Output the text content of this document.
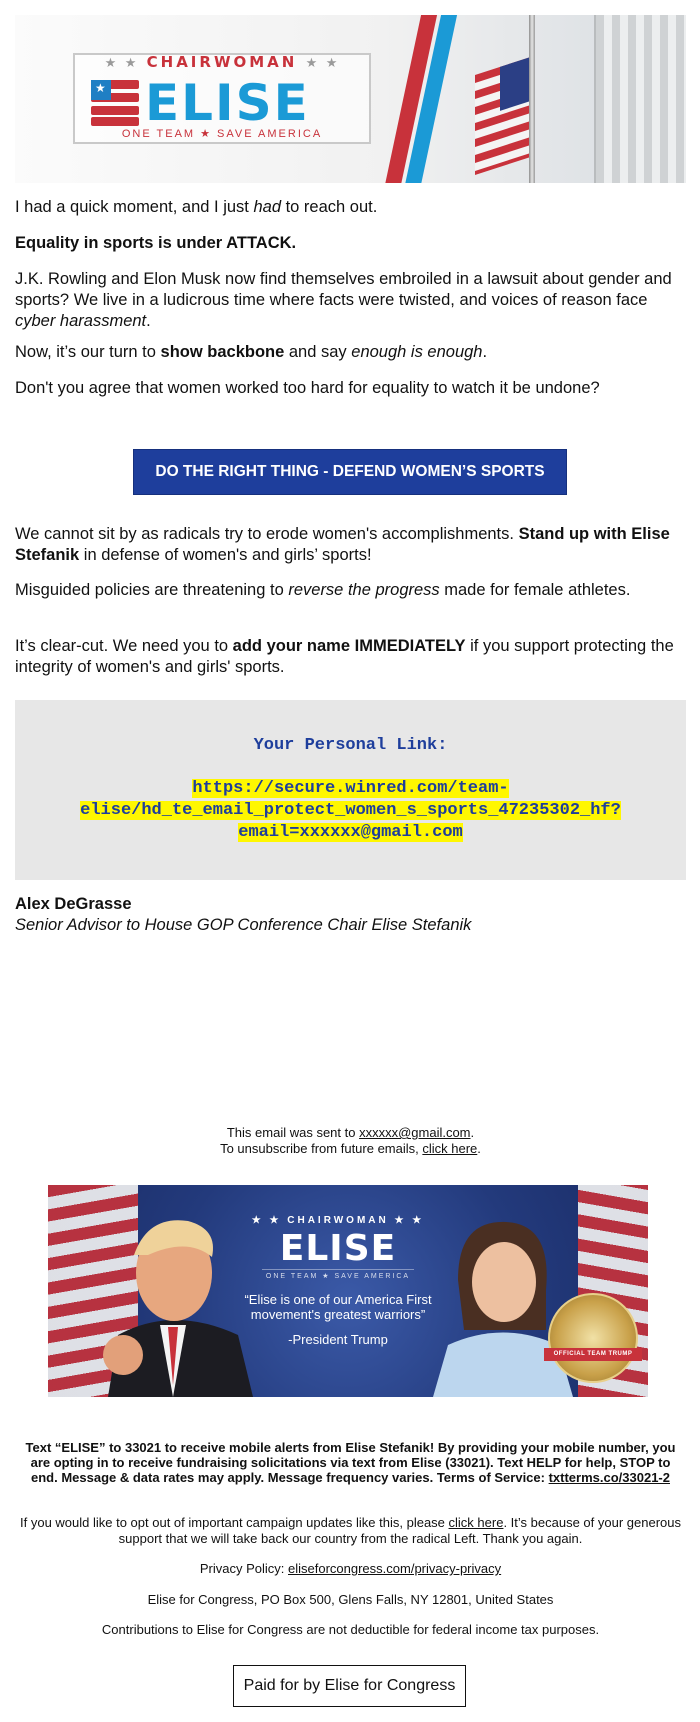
★ ★ CHAIRWOMAN ★ ★
★ ELISE
ONE TEAM ★ SAVE AMERICA

I had a quick moment, and I just had to reach out.

Equality in sports is under ATTACK.

J.K. Rowling and Elon Musk now find themselves embroiled in a lawsuit about gender and sports? We live in a ludicrous time where facts were twisted, and voices of reason face cyber harassment.

Now, it’s our turn to show backbone and say enough is enough.

Don't you agree that women worked too hard for equality to watch it be undone?

DO THE RIGHT THING - DEFEND WOMEN’S SPORTS

We cannot sit by as radicals try to erode women's accomplishments. Stand up with Elise Stefanik in defense of women's and girls’ sports!

Misguided policies are threatening to reverse the progress made for female athletes.

It’s clear-cut. We need you to add your name IMMEDIATELY if you support protecting the integrity of women's and girls' sports.

Your Personal Link:
https://secure.winred.com/team-
elise/hd_te_email_protect_women_s_sports_47235302_hf?
email=xxxxxx@gmail.com
Alex DeGrasse
Senior Advisor to House GOP Conference Chair Elise Stefanik
This email was sent to xxxxxx@gmail.com.
To unsubscribe from future emails, click here.
★ ★ CHAIRWOMAN ★ ★
ELISE
ONE TEAM ★ SAVE AMERICA
“Elise is one of our America First movement's greatest warriors”
-President Trump
OFFICIAL TEAM TRUMP
Text “ELISE” to 33021 to receive mobile alerts from Elise Stefanik! By providing your mobile number, you are opting in to receive fundraising solicitations via text from Elise (33021). Text HELP for help, STOP to end. Message & data rates may apply. Message frequency varies. Terms of Service: txtterms.co/33021-2
If you would like to opt out of important campaign updates like this, please click here. It’s because of your generous support that we will take back our country from the radical Left. Thank you again.
Privacy Policy: eliseforcongress.com/privacy-privacy
Elise for Congress, PO Box 500, Glens Falls, NY 12801, United States
Contributions to Elise for Congress are not deductible for federal income tax purposes.
Paid for by Elise for Congress
